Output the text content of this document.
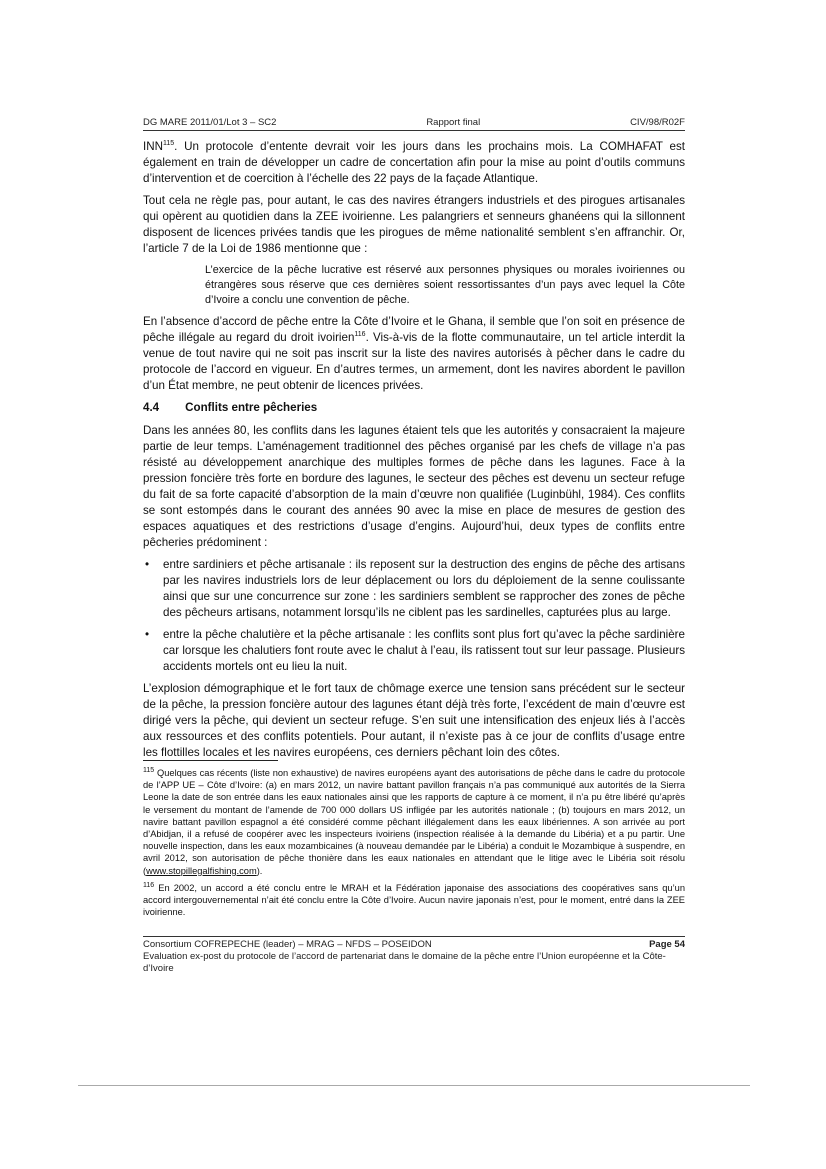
DG MARE 2011/01/Lot 3 – SC2	Rapport final	CIV/98/R02F

INN$^{115}$. Un protocole d’entente devrait voir les jours dans les prochains mois. La COMHAFAT est également en train de développer un cadre de concertation afin pour la mise au point d’outils communs d’intervention et de coercition à l’échelle des 22 pays de la façade Atlantique.

Tout cela ne règle pas, pour autant, le cas des navires étrangers industriels et des pirogues artisanales qui opèrent au quotidien dans la ZEE ivoirienne. Les palangriers et senneurs ghanéens qui la sillonnent disposent de licences privées tandis que les pirogues de même nationalité semblent s’en affranchir. Or, l’article 7 de la Loi de 1986 mentionne que :

L’exercice de la pêche lucrative est réservé aux personnes physiques ou morales ivoiriennes ou étrangères sous réserve que ces dernières soient ressortissantes d’un pays avec lequel la Côte d’Ivoire a conclu une convention de pêche.

En l’absence d’accord de pêche entre la Côte d’Ivoire et le Ghana, il semble que l’on soit en présence de pêche illégale au regard du droit ivoirien$^{116}$. Vis-à-vis de la flotte communautaire, un tel article interdit la venue de tout navire qui ne soit pas inscrit sur la liste des navires autorisés à pêcher dans le cadre du protocole de l’accord en vigueur. En d’autres termes, un armement, dont les navires abordent le pavillon d’un État membre, ne peut obtenir de licences privées.

4.4 Conflits entre pêcheries

Dans les années 80, les conflits dans les lagunes étaient tels que les autorités y consacraient la majeure partie de leur temps. L’aménagement traditionnel des pêches organisé par les chefs de village n’a pas résisté au développement anarchique des multiples formes de pêche dans les lagunes. Face à la pression foncière très forte en bordure des lagunes, le secteur des pêches est devenu un secteur refuge du fait de sa forte capacité d’absorption de la main d’œuvre non qualifiée (Luginbühl, 1984). Ces conflits se sont estompés dans le courant des années 90 avec la mise en place de mesures de gestion des espaces aquatiques et des restrictions d’usage d’engins. Aujourd’hui, deux types de conflits entre pêcheries prédominent :

• entre sardiniers et pêche artisanale : ils reposent sur la destruction des engins de pêche des artisans par les navires industriels lors de leur déplacement ou lors du déploiement de la senne coulissante ainsi que sur une concurrence sur zone : les sardiniers semblent se rapprocher des zones de pêche des pêcheurs artisans, notamment lorsqu’ils ne ciblent pas les sardinelles, capturées plus au large.
• entre la pêche chalutière et la pêche artisanale : les conflits sont plus fort qu’avec la pêche sardinière car lorsque les chalutiers font route avec le chalut à l’eau, ils ratissent tout sur leur passage. Plusieurs accidents mortels ont eu lieu la nuit.

L’explosion démographique et le fort taux de chômage exerce une tension sans précédent sur le secteur de la pêche, la pression foncière autour des lagunes étant déjà très forte, l’excédent de main d’œuvre est dirigé vers la pêche, qui devient un secteur refuge. S’en suit une intensification des enjeux liés à l’accès aux ressources et des conflits potentiels. Pour autant, il n’existe pas à ce jour de conflits d’usage entre les flottilles locales et les navires européens, ces derniers pêchant loin des côtes.

$^{115}$ Quelques cas récents (liste non exhaustive) de navires européens ayant des autorisations de pêche dans le cadre du protocole de l’APP UE – Côte d’Ivoire: (a) en mars 2012, un navire battant pavillon français n’a pas communiqué aux autorités de la Sierra Leone la date de son entrée dans les eaux nationales ainsi que les rapports de capture à ce moment, il n’a pu être libéré qu’après le versement du montant de l’amende de 700 000 dollars US infligée par les autorités nationale ; (b) toujours en mars 2012, un navire battant pavillon espagnol a été considéré comme pêchant illégalement dans les eaux libériennes. A son arrivée au port d’Abidjan, il a refusé de coopérer avec les inspecteurs ivoiriens (inspection réalisée à la demande du Libéria) et a pu partir. Une nouvelle inspection, dans les eaux mozambicaines (à nouveau demandée par le Libéria) a conduit le Mozambique à suspendre, en avril 2012, son autorisation de pêche thonière dans les eaux nationales en attendant que le litige avec le Libéria soit résolu (www.stopillegalfishing.com).

$^{116}$ En 2002, un accord a été conclu entre le MRAH et la Fédération japonaise des associations des coopératives sans qu’un accord intergouvernemental n’ait été conclu entre la Côte d’Ivoire. Aucun navire japonais n’est, pour le moment, entré dans la ZEE ivoirienne.

Consortium COFREPECHE (leader) – MRAG – NFDS – POSEIDON	Page 54
Evaluation ex-post du protocole de l’accord de partenariat dans le domaine de la pêche entre l’Union européenne et la Côte-d’Ivoire
